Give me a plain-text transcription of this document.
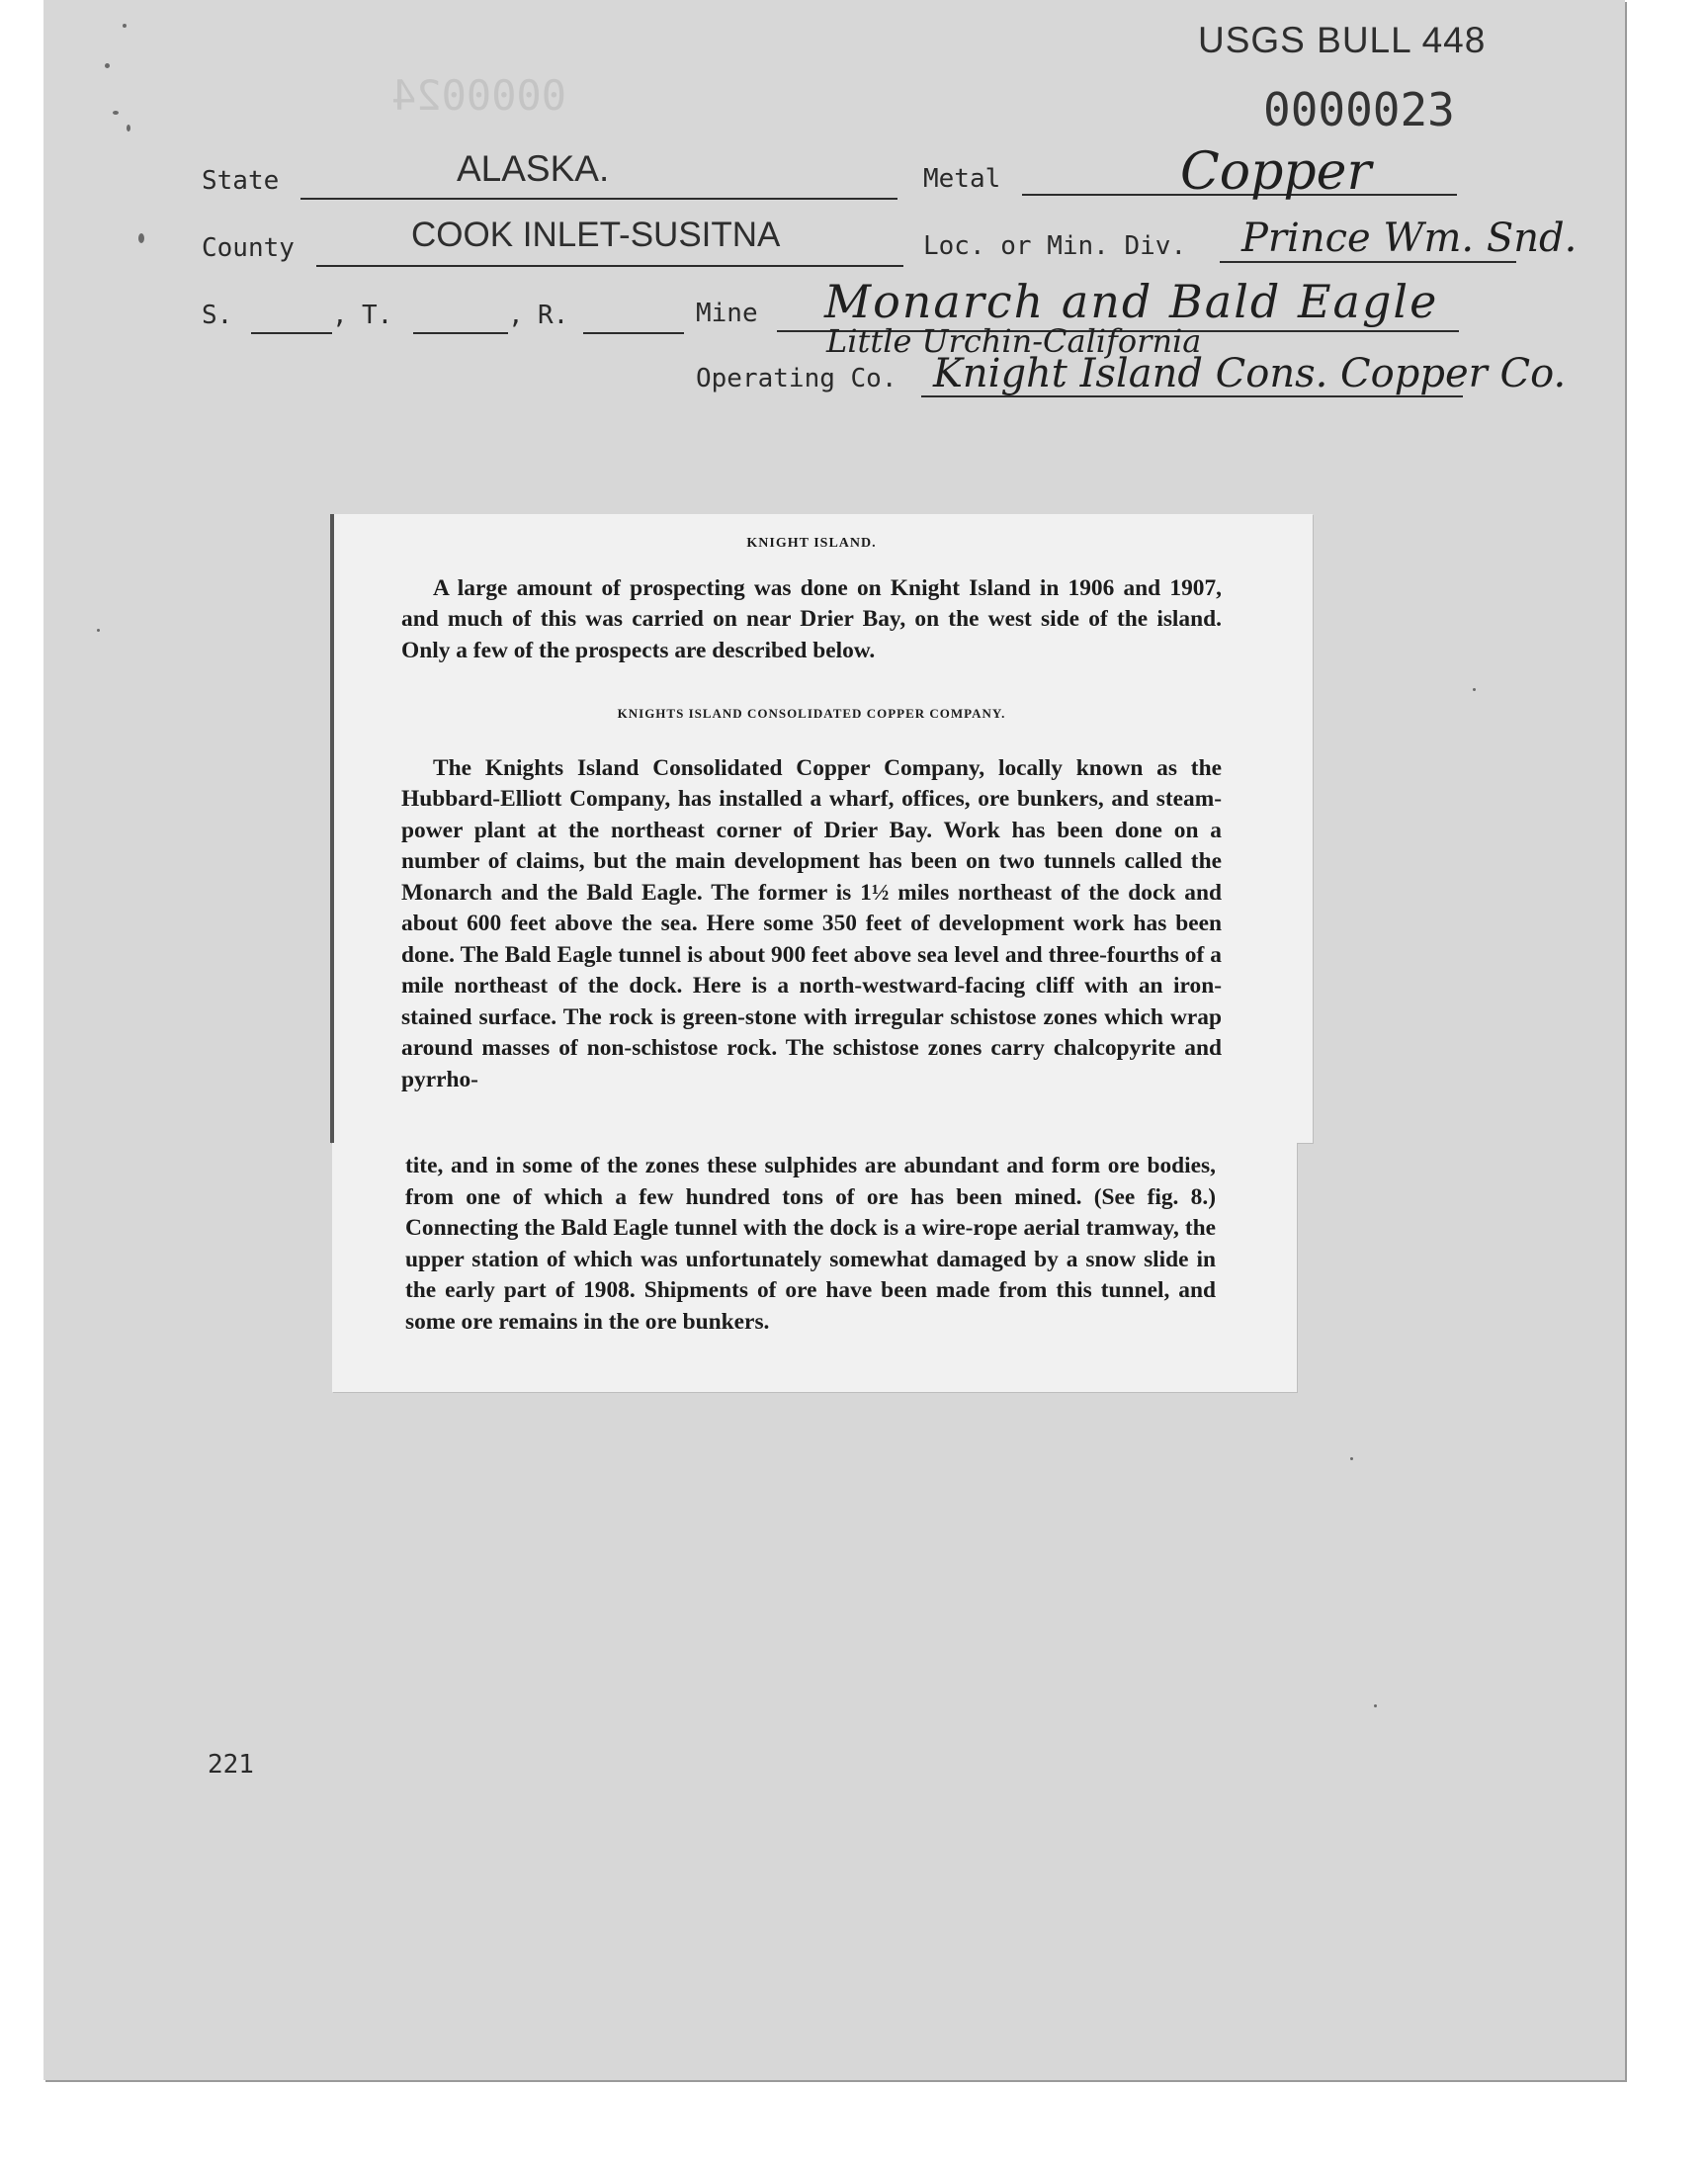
USGS BULL 448
0000023
0000024
State	ALASKA.	Metal	Copper
County	COOK INLET-SUSITNA	Loc. or Min. Div. Prince Wm. Snd.
S.	, T.	, R.	Mine Monarch and Bald Eagle
Little Urchin-California
Operating Co. Knight Island Cons. Copper Co.

KNIGHT ISLAND.

A large amount of prospecting was done on Knight Island in 1906 and 1907, and much of this was carried on near Drier Bay, on the west side of the island. Only a few of the prospects are described below.

KNIGHTS ISLAND CONSOLIDATED COPPER COMPANY.

The Knights Island Consolidated Copper Company, locally known as the Hubbard-Elliott Company, has installed a wharf, offices, ore bunkers, and steam-power plant at the northeast corner of Drier Bay. Work has been done on a number of claims, but the main development has been on two tunnels called the Monarch and the Bald Eagle. The former is 1½ miles northeast of the dock and about 600 feet above the sea. Here some 350 feet of development work has been done. The Bald Eagle tunnel is about 900 feet above sea level and three-fourths of a mile northeast of the dock. Here is a north-westward-facing cliff with an iron-stained surface. The rock is green-stone with irregular schistose zones which wrap around masses of non-schistose rock. The schistose zones carry chalcopyrite and pyrrho-

tite, and in some of the zones these sulphides are abundant and form ore bodies, from one of which a few hundred tons of ore has been mined. (See fig. 8.) Connecting the Bald Eagle tunnel with the dock is a wire-rope aerial tramway, the upper station of which was unfortunately somewhat damaged by a snow slide in the early part of 1908. Shipments of ore have been made from this tunnel, and some ore remains in the ore bunkers.

221
